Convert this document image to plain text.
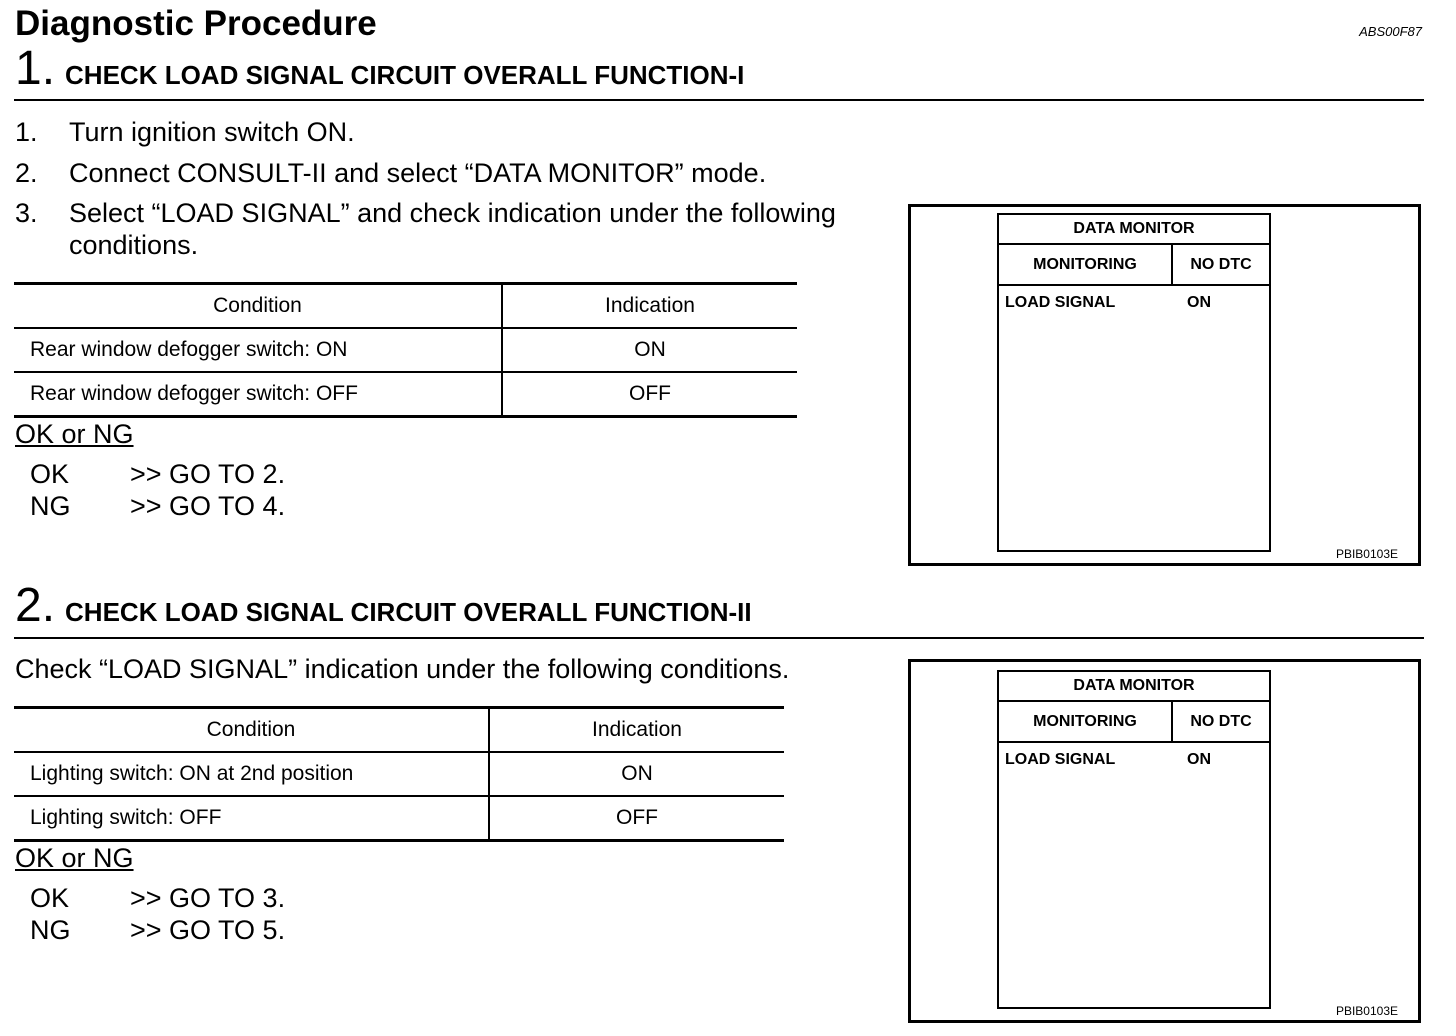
Diagnostic Procedure	ABS00F87
1. CHECK LOAD SIGNAL CIRCUIT OVERALL FUNCTION-I
1.	Turn ignition switch ON.
2.	Connect CONSULT-II and select “DATA MONITOR” mode.
3.	Select “LOAD SIGNAL” and check indication under the following
conditions.
Condition	Indication
Rear window defogger switch: ON	ON
Rear window defogger switch: OFF	OFF
OK or NG
OK	>> GO TO 2.
NG	>> GO TO 4.
DATA MONITOR
MONITORING	NO DTC
LOAD SIGNAL	ON
PBIB0103E
2. CHECK LOAD SIGNAL CIRCUIT OVERALL FUNCTION-II
Check “LOAD SIGNAL” indication under the following conditions.
Condition	Indication
Lighting switch: ON at 2nd position	ON
Lighting switch: OFF	OFF
OK or NG
OK	>> GO TO 3.
NG	>> GO TO 5.
DATA MONITOR
MONITORING	NO DTC
LOAD SIGNAL	ON
PBIB0103E
